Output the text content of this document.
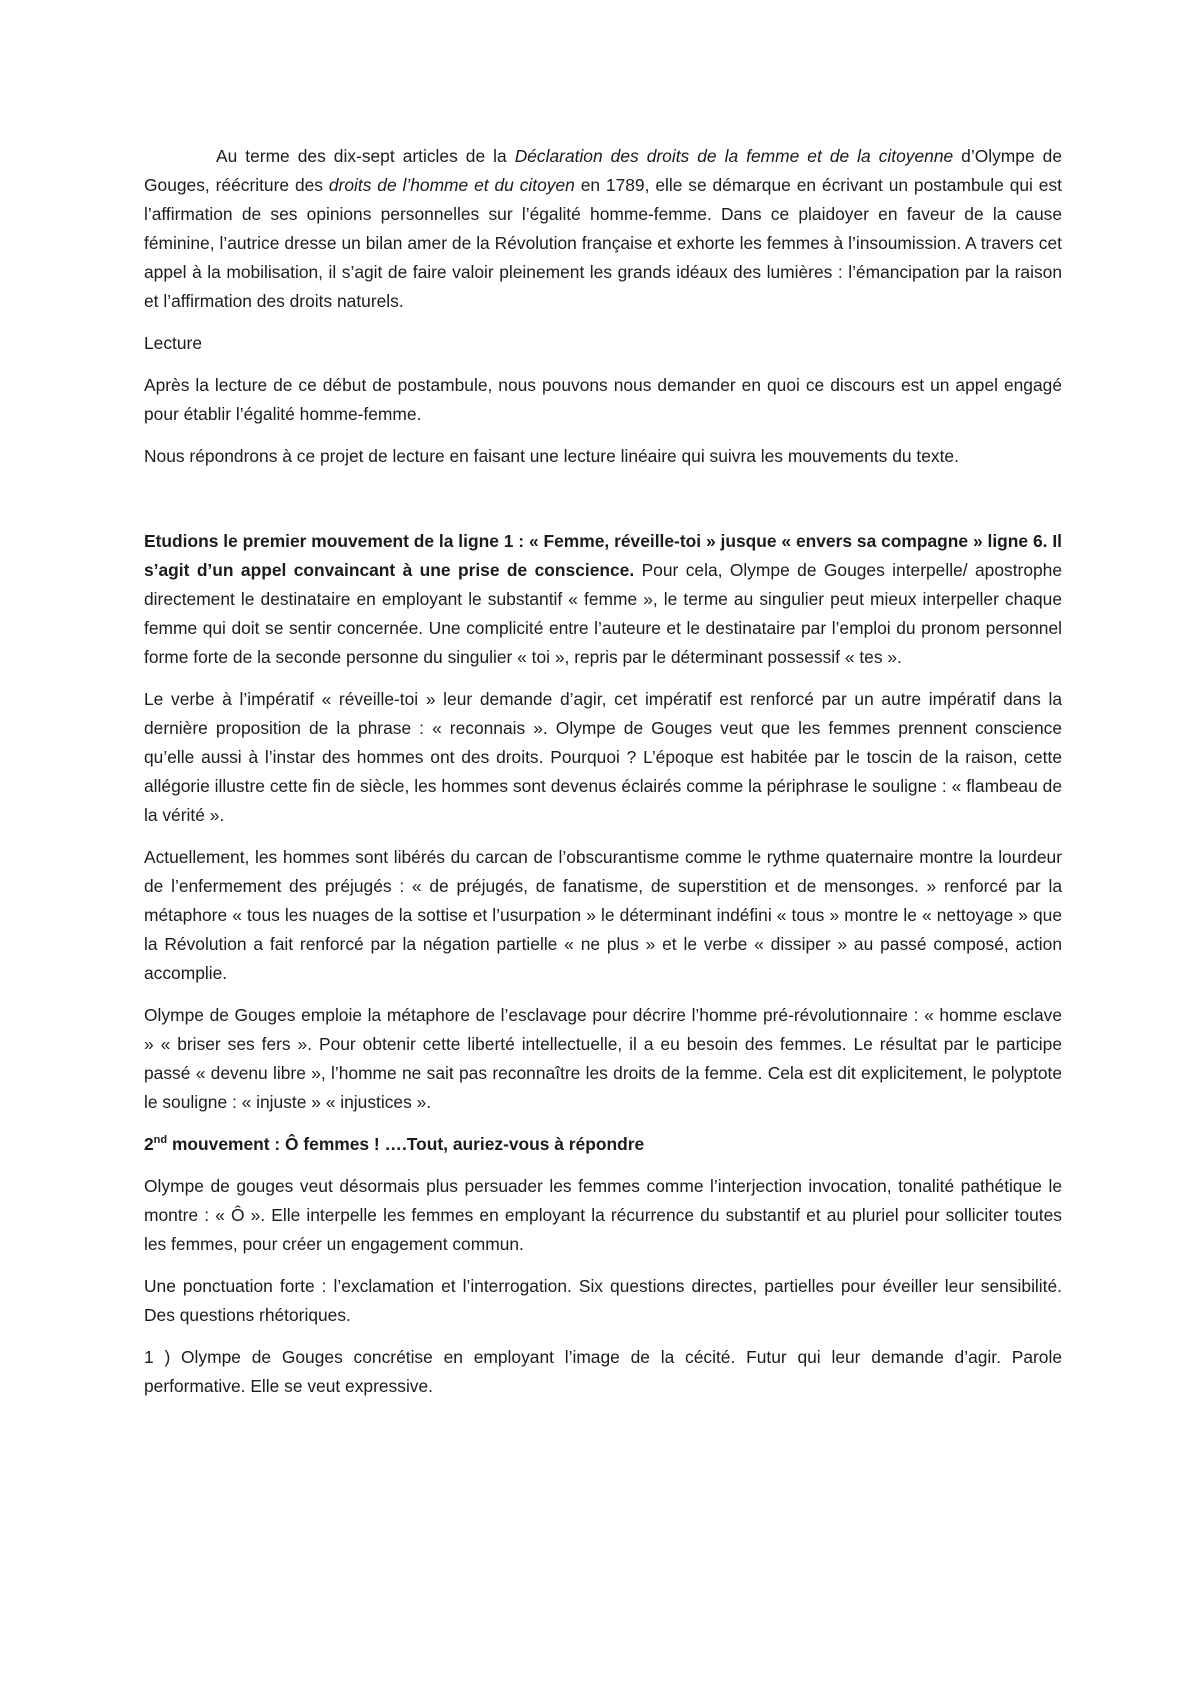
Au terme des dix-sept articles de la Déclaration des droits de la femme et de la citoyenne d’Olympe de Gouges, réécriture des droits de l’homme et du citoyen en 1789, elle se démarque en écrivant un postambule qui est l’affirmation de ses opinions personnelles sur l’égalité homme-femme. Dans ce plaidoyer en faveur de la cause féminine, l’autrice dresse un bilan amer de la Révolution française et exhorte les femmes à l’insoumission. A travers cet appel à la mobilisation, il s’agit de faire valoir pleinement les grands idéaux des lumières : l’émancipation par la raison et l’affirmation des droits naturels.

Lecture

Après la lecture de ce début de postambule, nous pouvons nous demander en quoi ce discours est un appel engagé pour établir l’égalité homme-femme.

Nous répondrons à ce projet de lecture en faisant une lecture linéaire qui suivra les mouvements du texte.

Etudions le premier mouvement de la ligne 1 : « Femme, réveille-toi » jusque « envers sa compagne » ligne 6. Il s’agit d’un appel convaincant à une prise de conscience. Pour cela, Olympe de Gouges interpelle/ apostrophe directement le destinataire en employant le substantif « femme », le terme au singulier peut mieux interpeller chaque femme qui doit se sentir concernée. Une complicité entre l’auteure et le destinataire par l’emploi du pronom personnel forme forte de la seconde personne du singulier « toi », repris par le déterminant possessif « tes ».

Le verbe à l’impératif « réveille-toi » leur demande d’agir, cet impératif est renforcé par un autre impératif dans la dernière proposition de la phrase : « reconnais ». Olympe de Gouges veut que les femmes prennent conscience qu’elle aussi à l’instar des hommes ont des droits. Pourquoi ? L’époque est habitée par le toscin de la raison, cette allégorie illustre cette fin de siècle, les hommes sont devenus éclairés comme la périphrase le souligne : « flambeau de la vérité ».

Actuellement, les hommes sont libérés du carcan de l’obscurantisme comme le rythme quaternaire montre la lourdeur de l’enfermement des préjugés : « de préjugés, de fanatisme, de superstition et de mensonges. » renforcé par la métaphore « tous les nuages de la sottise et l’usurpation » le déterminant indéfini « tous » montre le « nettoyage » que la Révolution a fait renforcé par la négation partielle « ne plus » et le verbe « dissiper » au passé composé, action accomplie.

Olympe de Gouges emploie la métaphore de l’esclavage pour décrire l’homme pré-révolutionnaire : « homme esclave » « briser ses fers ». Pour obtenir cette liberté intellectuelle, il a eu besoin des femmes. Le résultat par le participe passé « devenu libre », l’homme ne sait pas reconnaître les droits de la femme. Cela est dit explicitement, le polyptote le souligne : « injuste » « injustices ».

2nd mouvement : Ô femmes ! ….Tout, auriez-vous à répondre

Olympe de gouges veut désormais plus persuader les femmes comme l’interjection invocation, tonalité pathétique le montre : « Ô ». Elle interpelle les femmes en employant la récurrence du substantif et au pluriel pour solliciter toutes les femmes, pour créer un engagement commun.

Une ponctuation forte : l’exclamation et l’interrogation. Six questions directes, partielles pour éveiller leur sensibilité. Des questions rhétoriques.

1 ) Olympe de Gouges concrétise en employant l’image de la cécité. Futur qui leur demande d’agir. Parole performative. Elle se veut expressive.
